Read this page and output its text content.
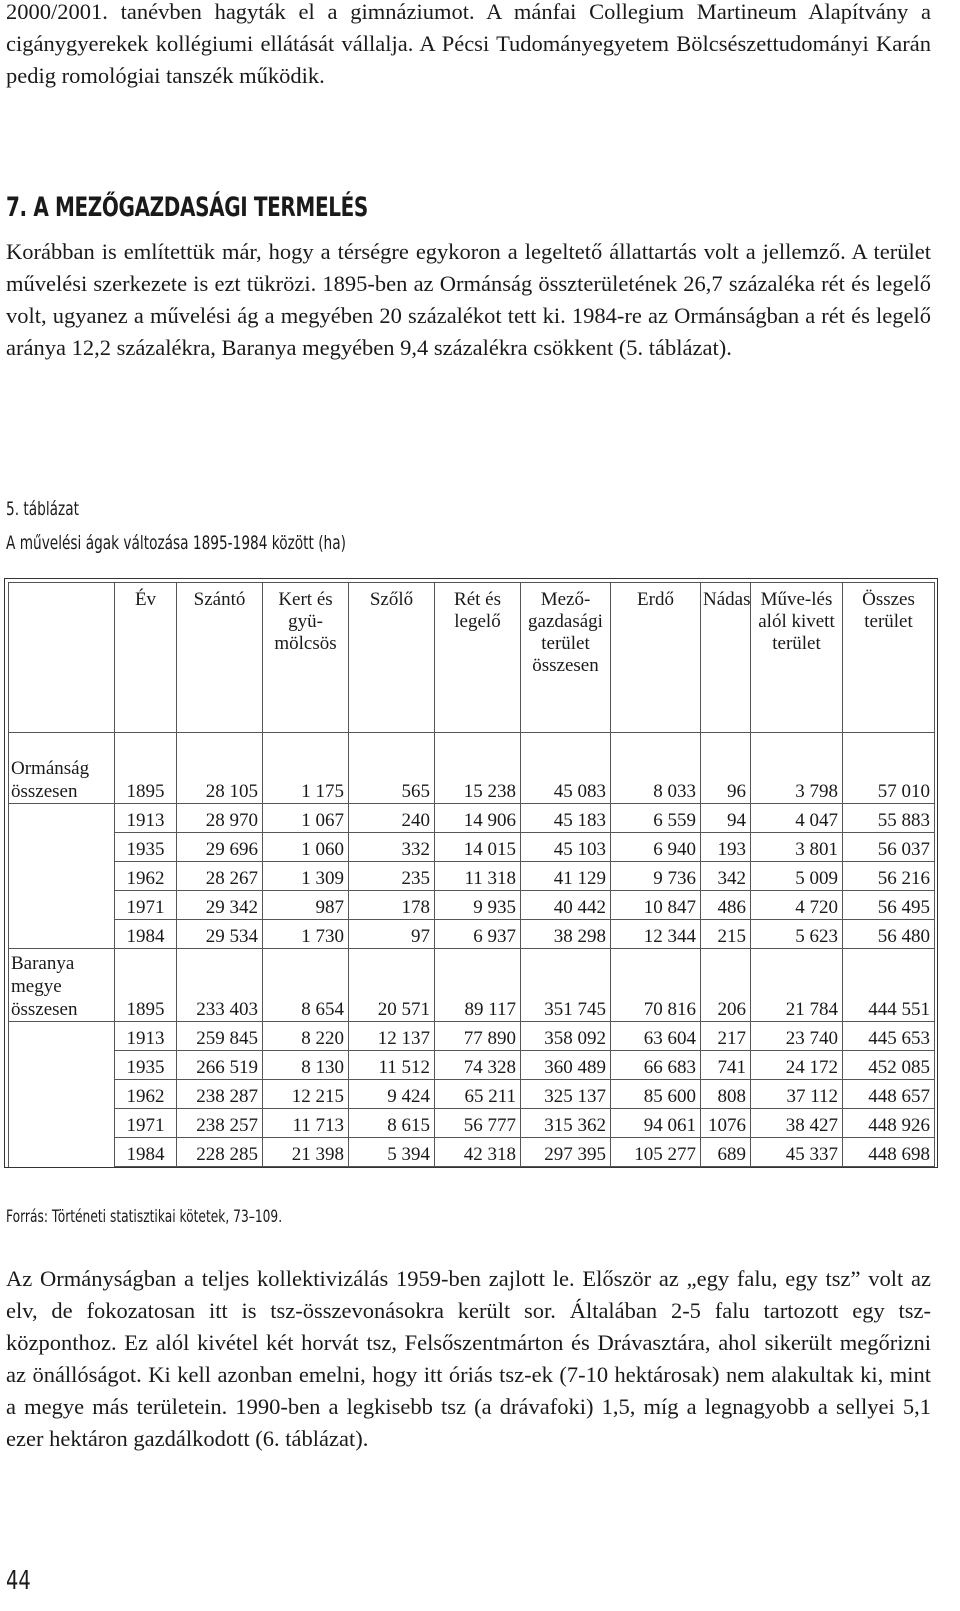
2000/2001. tanévben hagyták el a gimnáziumot. A mánfai Collegium Martineum Alapítvány a cigánygyerekek kollégiumi ellátását vállalja. A Pécsi Tudományegyetem Bölcsészettudományi Karán pedig romológiai tanszék működik.

7. A MEZŐGAZDASÁGI TERMELÉS

Korábban is említettük már, hogy a térségre egykoron a legeltető állattartás volt a jellemző. A terület művelési szerkezete is ezt tükrözi. 1895-ben az Ormánság összterületének 26,7 százaléka rét és legelő volt, ugyanez a művelési ág a megyében 20 százalékot tett ki. 1984-re az Ormánságban a rét és legelő aránya 12,2 százalékra, Baranya megyében 9,4 százalékra csökkent (5. táblázat).

5. táblázat
A művelési ágak változása 1895-1984 között (ha)
	Év	Szántó	Kert és gyü-mölcsös	Szőlő	Rét és legelő	Mező-gazdasági terület összesen	Erdő	Nádas	Műve-lés alól kivett terület	Összes terület
Ormánság összesen	1895	28 105	1 175	565	15 238	45 083	8 033	96	3 798	57 010
	1913	28 970	1 067	240	14 906	45 183	6 559	94	4 047	55 883
	1935	29 696	1 060	332	14 015	45 103	6 940	193	3 801	56 037
	1962	28 267	1 309	235	11 318	41 129	9 736	342	5 009	56 216
	1971	29 342	987	178	9 935	40 442	10 847	486	4 720	56 495
	1984	29 534	1 730	97	6 937	38 298	12 344	215	5 623	56 480
Baranya megye összesen	1895	233 403	8 654	20 571	89 117	351 745	70 816	206	21 784	444 551
	1913	259 845	8 220	12 137	77 890	358 092	63 604	217	23 740	445 653
	1935	266 519	8 130	11 512	74 328	360 489	66 683	741	24 172	452 085
	1962	238 287	12 215	9 424	65 211	325 137	85 600	808	37 112	448 657
	1971	238 257	11 713	8 615	56 777	315 362	94 061	1076	38 427	448 926
	1984	228 285	21 398	5 394	42 318	297 395	105 277	689	45 337	448 698
Forrás: Történeti statisztikai kötetek, 73–109.

Az Ormányságban a teljes kollektivizálás 1959-ben zajlott le. Először az „egy falu, egy tsz” volt az elv, de fokozatosan itt is tsz-összevonásokra került sor. Általában 2-5 falu tartozott egy tsz-központhoz. Ez alól kivétel két horvát tsz, Felsőszentmárton és Drávasztára, ahol sikerült megőrizni az önállóságot. Ki kell azonban emelni, hogy itt óriás tsz-ek (7-10 hektárosak) nem alakultak ki, mint a megye más területein. 1990-ben a legkisebb tsz (a drávafoki) 1,5, míg a legnagyobb a sellyei 5,1 ezer hektáron gazdálkodott (6. táblázat).

44
